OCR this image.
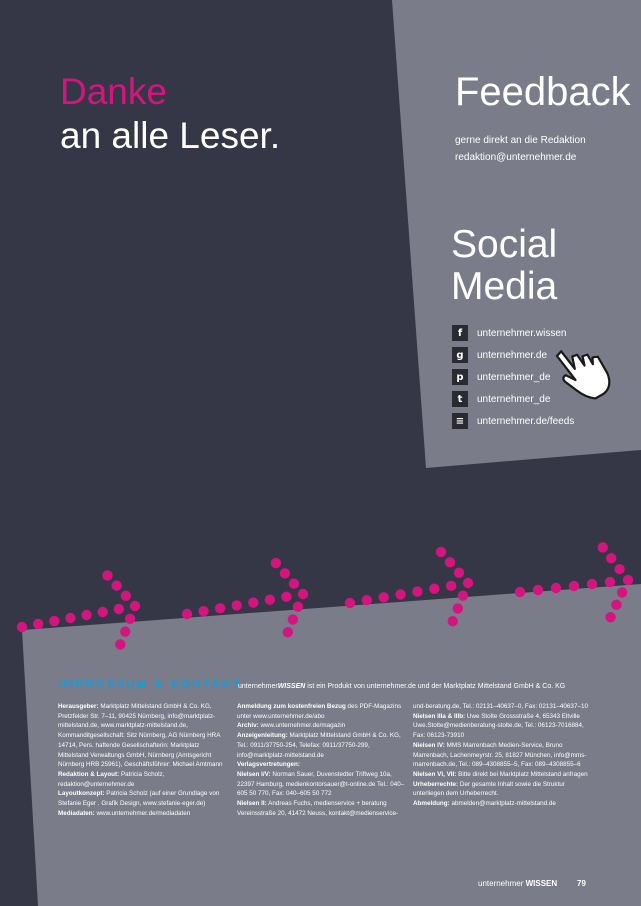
Danke
an alle Leser.
Feedback
gerne direkt an die Redaktion
redaktion@unternehmer.de
Social
Media
f	unternehmer.wissen
g	unternehmer.de
p	unternehmer_de
t	unternehmer_de
≡	unternehmer.de/feeds
IMPRESSUM & KONTAKT
unternehmerWISSEN ist ein Produkt von unternehmer.de und der Marktplatz Mittelstand GmbH & Co. KG
Herausgeber: Marktplatz Mittelstand GmbH & Co. KG, Pretzfelder Str. 7–11, 90425 Nürnberg, info@marktplatz-mittelstand.de, www.marktplatz-mittelstand.de, Kommanditgesellschaft: Sitz Nürnberg, AG Nürnberg HRA 14714, Pers. haftende Gesellschafterin: Marktplatz Mittelstand Verwaltungs GmbH, Nürnberg (Amtsgericht Nürnberg HRB 25961), Geschäftsführer: Michael Amtmann
Redaktion & Layout: Patricia Scholz, redaktion@unternehmer.de
Layoutkonzept: Patricia Scholz (auf einer Grundlage von Stefanie Eger . Grafik Design, www.stefanie-eger.de)
Mediadaten: www.unternehmer.de/mediadaten
Anmeldung zum kostenfreien Bezug des PDF-Magazins unter www.unternehmer.de/abo
Archiv: www.unternehmer.de/magazin
Anzeigenleitung: Marktplatz Mittelstand GmbH & Co. KG, Tel.: 0911/37750-254, Telefax: 0911/37750-299, info@marktplatz-mittelstand.de
Verlagsvertretungen:
Nielsen I/V: Norman Sauer, Duvenstedter Triftweg 10a, 22397 Hamburg, medienkontorsauer@t-online.de Tel.: 040–605 50 770, Fax: 040–605 50 772
Nielsen II: Andreas Fuchs, medienservice + beratung Vereinsstraße 20, 41472 Neuss, kontakt@medienservice-
und-beratung.de, Tel.: 02131–40637–0, Fax: 02131–40637–10
Nielsen IIIa & IIIb: Uwe Stolte Grossstraße 4, 65343 Eltville Uwe.Stolte@medienberatung-stolte.de, Tel.: 06123-7016884, Fax: 06123-73910
Nielsen IV: MMS Marrenbach Medien-Service, Bruno Marrenbach, Lachenmeyrstr. 25, 81827 München, info@mms-marrenbach.de, Tel.: 089–4308855–5, Fax: 089–4308855–6
Nielsen VI, VII: Bitte direkt bei Marktplatz Mittelstand anfragen
Urheberrechte: Der gesamte Inhalt sowie die Struktur unterliegen dem Urheberrecht.
Abmeldung: abmelden@marktplatz-mittelstand.de
unternehmer WISSEN 79
